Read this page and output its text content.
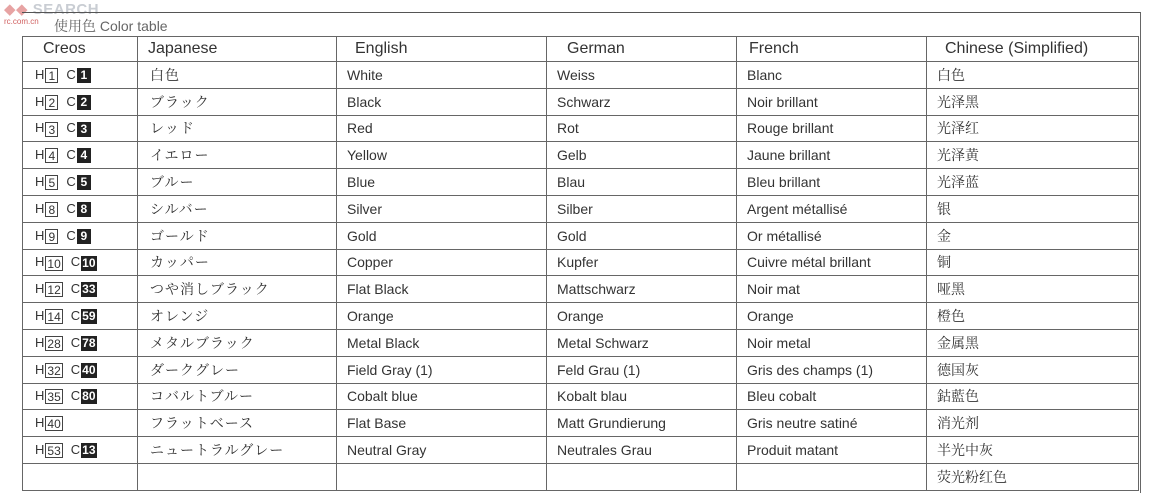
◆◆ SEARCH
rc.com.cn	使用色 Color table
Creos	Japanese	English	German	French	Chinese (Simplified)
H 1 C 1	白色	White	Weiss	Blanc	白色
H 2 C 2	ブラック	Black	Schwarz	Noir brillant	光泽黑
H 3 C 3	レッド	Red	Rot	Rouge brillant	光泽红
H 4 C 4	イエロー	Yellow	Gelb	Jaune brillant	光泽黄
H 5 C 5	ブルー	Blue	Blau	Bleu brillant	光泽蓝
H 8 C 8	シルバー	Silver	Silber	Argent métallisé	银
H 9 C 9	ゴールド	Gold	Gold	Or métallisé	金
H 10 C 10	カッパー	Copper	Kupfer	Cuivre métal brillant	铜
H 12 C 33	つや消しブラック	Flat Black	Mattschwarz	Noir mat	哑黑
H 14 C 59	オレンジ	Orange	Orange	Orange	橙色
H 28 C 78	メタルブラック	Metal Black	Metal Schwarz	Noir metal	金属黑
H 32 C 40	ダークグレー	Field Gray (1)	Feld Grau (1)	Gris des champs (1)	德国灰
H 35 C 80	コバルトブルー	Cobalt blue	Kobalt blau	Bleu cobalt	鈷藍色
H 40	フラットベース	Flat Base	Matt Grundierung	Gris neutre satiné	消光剂
H 53 C 13	ニュートラルグレー	Neutral Gray	Neutrales Grau	Produit matant	半光中灰
					荧光粉红色
